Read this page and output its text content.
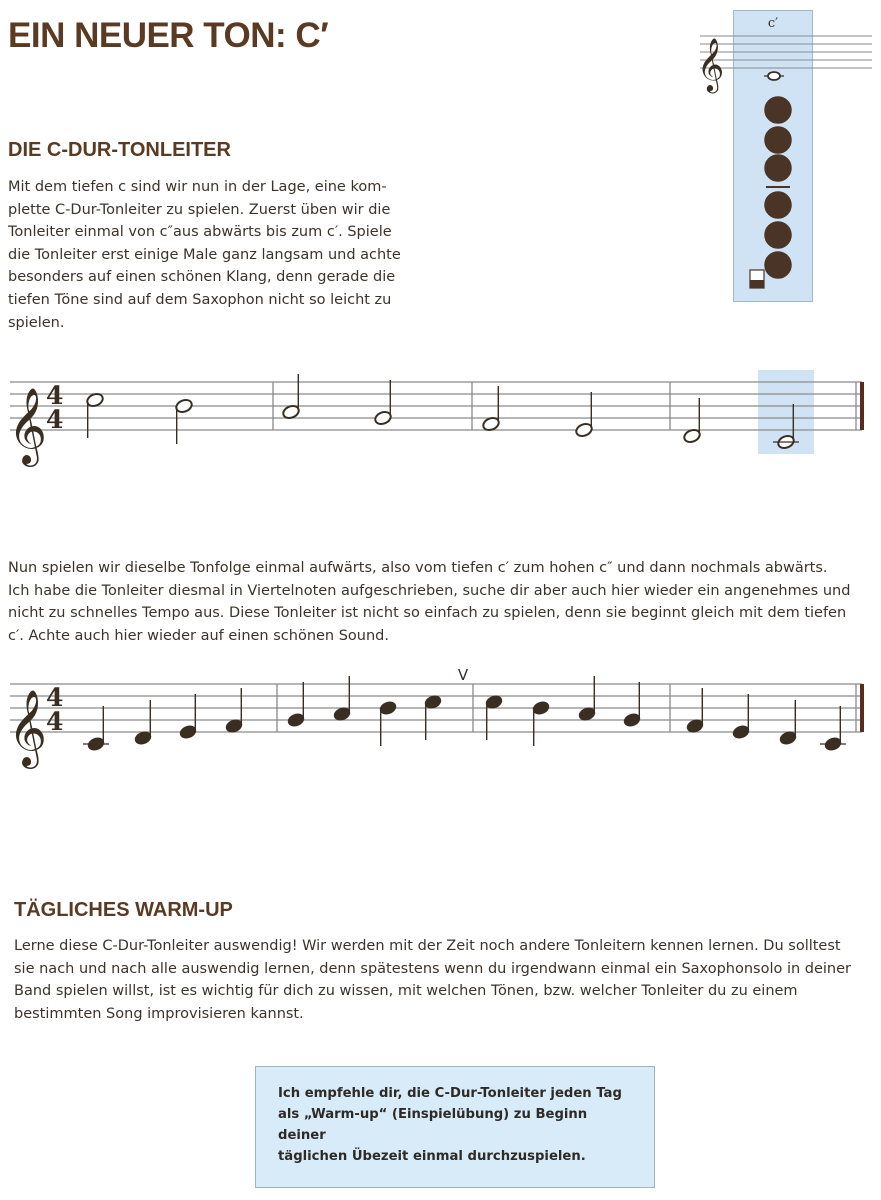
EIN NEUER TON: C′
𝄞
c′
DIE C-DUR-TONLEITER

Mit dem tiefen c sind wir nun in der Lage, eine kom-

plette C-Dur-Tonleiter zu spielen. Zuerst üben wir die

Tonleiter einmal von c″aus abwärts bis zum c′. Spiele

die Tonleiter erst einige Male ganz langsam und achte

besonders auf einen schönen Klang, denn gerade die

tiefen Töne sind auf dem Saxophon nicht so leicht zu

spielen.

𝄞
4
4

Nun spielen wir dieselbe Tonfolge einmal aufwärts, also vom tiefen c′ zum hohen c″ und dann nochmals abwärts.

Ich habe die Tonleiter diesmal in Viertelnoten aufgeschrieben, suche dir aber auch hier wieder ein angenehmes und

nicht zu schnelles Tempo aus. Diese Tonleiter ist nicht so einfach zu spielen, denn sie beginnt gleich mit dem tiefen

c′. Achte auch hier wieder auf einen schönen Sound.

𝄞
4
4
V
TÄGLICHES WARM-UP

Lerne diese C-Dur-Tonleiter auswendig! Wir werden mit der Zeit noch andere Tonleitern kennen lernen. Du solltest

sie nach und nach alle auswendig lernen, denn spätestens wenn du irgendwann einmal ein Saxophonsolo in deiner

Band spielen willst, ist es wichtig für dich zu wissen, mit welchen Tönen, bzw. welcher Tonleiter du zu einem

bestimmten Song improvisieren kannst.

Ich empfehle dir, die C-Dur-Tonleiter jeden Tag

als „Warm-up“ (Einspielübung) zu Beginn deiner

täglichen Übezeit einmal durchzuspielen.
